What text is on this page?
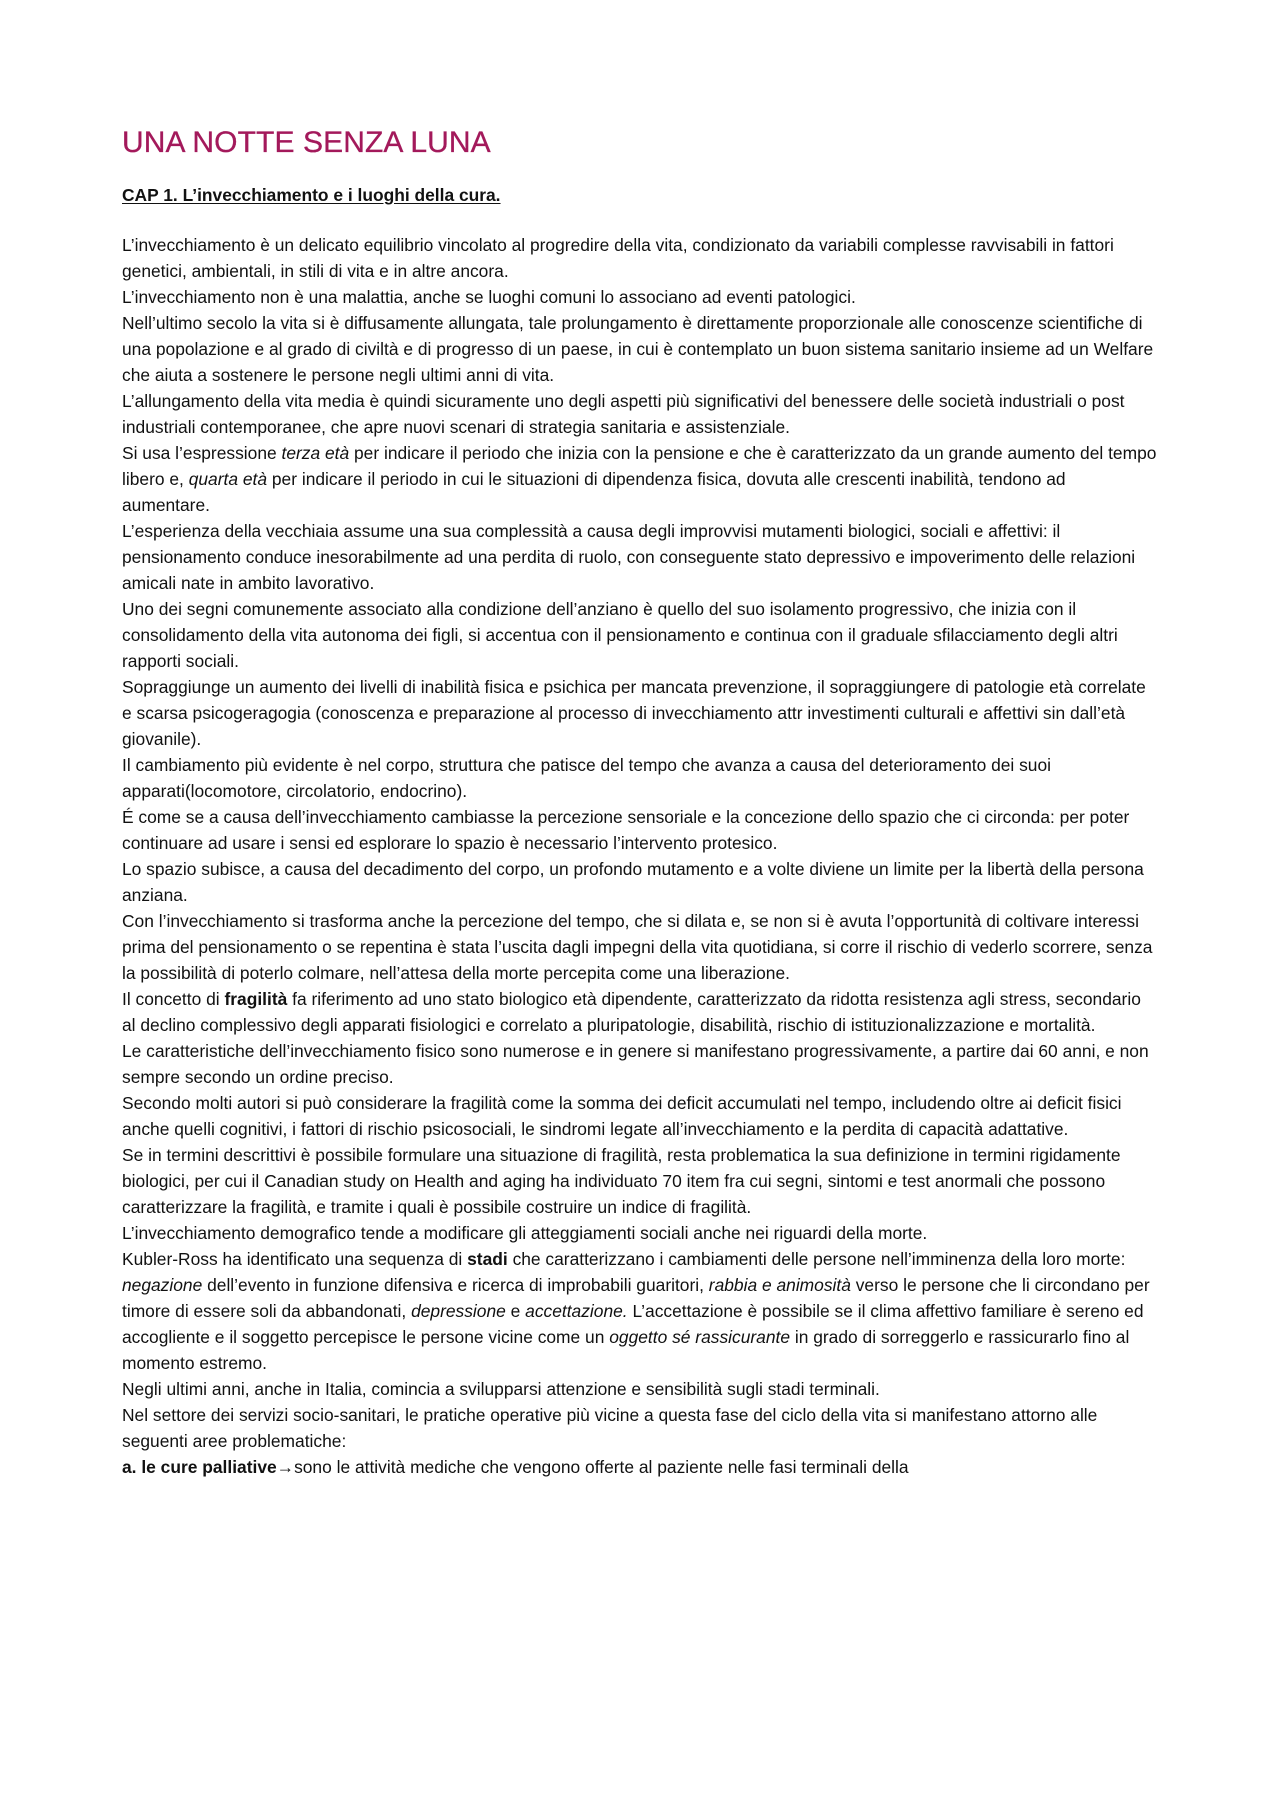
UNA NOTTE SENZA LUNA
CAP 1. L’invecchiamento e i luoghi della cura.

L’invecchiamento è un delicato equilibrio vincolato al progredire della vita, condizionato da variabili complesse ravvisabili in fattori genetici, ambientali, in stili di vita e in altre ancora.

L’invecchiamento non è una malattia, anche se luoghi comuni lo associano ad eventi patologici.

Nell’ultimo secolo la vita si è diffusamente allungata, tale prolungamento è direttamente proporzionale alle conoscenze scientifiche di una popolazione e al grado di civiltà e di progresso di un paese, in cui è contemplato un buon sistema sanitario insieme ad un Welfare che aiuta a sostenere le persone negli ultimi anni di vita.

L’allungamento della vita media è quindi sicuramente uno degli aspetti più significativi del benessere delle società industriali o post industriali contemporanee, che apre nuovi scenari di strategia sanitaria e assistenziale.

Si usa l’espressione terza età per indicare il periodo che inizia con la pensione e che è caratterizzato da un grande aumento del tempo libero e, quarta età per indicare il periodo in cui le situazioni di dipendenza fisica, dovuta alle crescenti inabilità, tendono ad aumentare.

L’esperienza della vecchiaia assume una sua complessità a causa degli improvvisi mutamenti biologici, sociali e affettivi: il pensionamento conduce inesorabilmente ad una perdita di ruolo, con conseguente stato depressivo e impoverimento delle relazioni amicali nate in ambito lavorativo.

Uno dei segni comunemente associato alla condizione dell’anziano è quello del suo isolamento progressivo, che inizia con il consolidamento della vita autonoma dei figli, si accentua con il pensionamento e continua con il graduale sfilacciamento degli altri rapporti sociali.

Sopraggiunge un aumento dei livelli di inabilità fisica e psichica per mancata prevenzione, il sopraggiungere di patologie età correlate e scarsa psicogeragogia (conoscenza e preparazione al processo di invecchiamento attr investimenti culturali e affettivi sin dall’età giovanile).

Il cambiamento più evidente è nel corpo, struttura che patisce del tempo che avanza a causa del deterioramento dei suoi apparati(locomotore, circolatorio, endocrino).

É come se a causa dell’invecchiamento cambiasse la percezione sensoriale e la concezione dello spazio che ci circonda: per poter continuare ad usare i sensi ed esplorare lo spazio è necessario l’intervento protesico.

Lo spazio subisce, a causa del decadimento del corpo, un profondo mutamento e a volte diviene un limite per la libertà della persona anziana.

Con l’invecchiamento si trasforma anche la percezione del tempo, che si dilata e, se non si è avuta l’opportunità di coltivare interessi prima del pensionamento o se repentina è stata l’uscita dagli impegni della vita quotidiana, si corre il rischio di vederlo scorrere, senza la possibilità di poterlo colmare, nell’attesa della morte percepita come una liberazione.

Il concetto di fragilità fa riferimento ad uno stato biologico età dipendente, caratterizzato da ridotta resistenza agli stress, secondario al declino complessivo degli apparati fisiologici e correlato a pluripatologie, disabilità, rischio di istituzionalizzazione e mortalità.

Le caratteristiche dell’invecchiamento fisico sono numerose e in genere si manifestano progressivamente, a partire dai 60 anni, e non sempre secondo un ordine preciso.

Secondo molti autori si può considerare la fragilità come la somma dei deficit accumulati nel tempo, includendo oltre ai deficit fisici anche quelli cognitivi, i fattori di rischio psicosociali, le sindromi legate all’invecchiamento e la perdita di capacità adattative.

Se in termini descrittivi è possibile formulare una situazione di fragilità, resta problematica la sua definizione in termini rigidamente biologici, per cui il Canadian study on Health and aging ha individuato 70 item fra cui segni, sintomi e test anormali che possono caratterizzare la fragilità, e tramite i quali è possibile costruire un indice di fragilità.

L’invecchiamento demografico tende a modificare gli atteggiamenti sociali anche nei riguardi della morte.

Kubler-Ross ha identificato una sequenza di stadi che caratterizzano i cambiamenti delle persone nell’imminenza della loro morte: negazione dell’evento in funzione difensiva e ricerca di improbabili guaritori, rabbia e animosità verso le persone che li circondano per timore di essere soli da abbandonati, depressione e accettazione. L’accettazione è possibile se il clima affettivo familiare è sereno ed accogliente e il soggetto percepisce le persone vicine come un oggetto sé rassicurante in grado di sorreggerlo e rassicurarlo fino al momento estremo.

Negli ultimi anni, anche in Italia, comincia a svilupparsi attenzione e sensibilità sugli stadi terminali.

Nel settore dei servizi socio-sanitari, le pratiche operative più vicine a questa fase del ciclo della vita si manifestano attorno alle seguenti aree problematiche:

a. le cure palliative→sono le attività mediche che vengono offerte al paziente nelle fasi terminali della
